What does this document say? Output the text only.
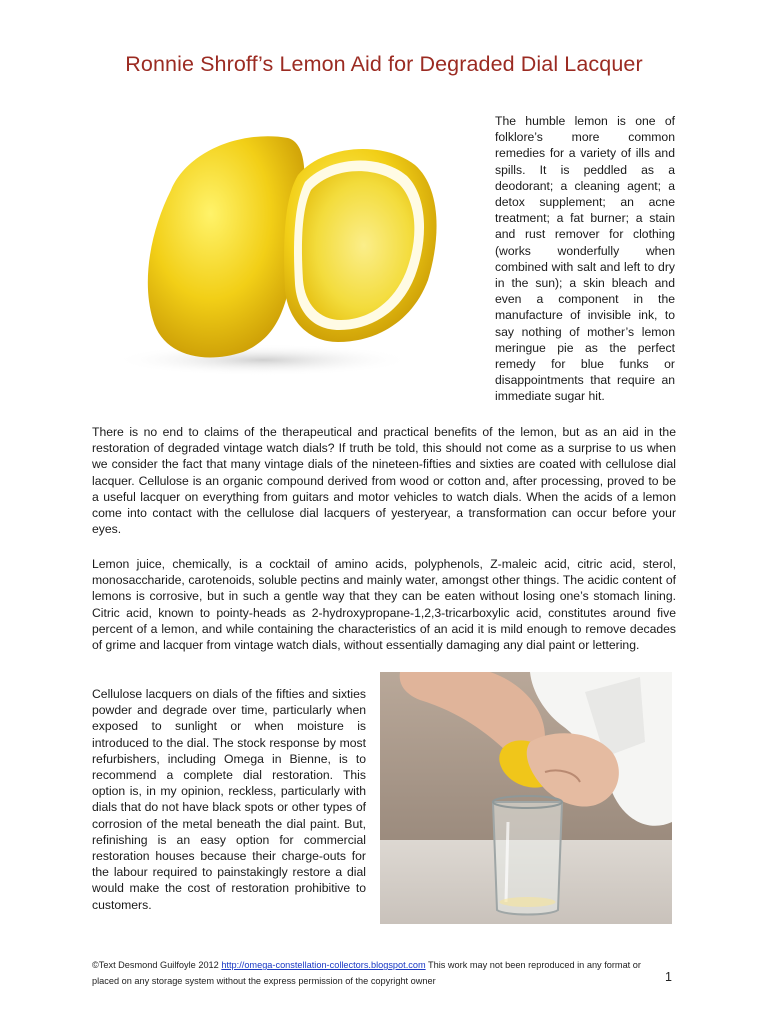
Ronnie Shroff’s Lemon Aid for Degraded Dial Lacquer

The humble lemon is one of folklore’s more common remedies for a variety of ills and spills. It is peddled as a deodorant; a cleaning agent; a detox supplement; an acne treatment; a fat burner; a stain and rust remover for clothing (works wonderfully when combined with salt and left to dry in the sun); a skin bleach and even a component in the manufacture of invisible ink, to say nothing of mother’s lemon meringue pie as the perfect remedy for blue funks or disappointments that require an immediate sugar hit.

There is no end to claims of the therapeutical and practical benefits of the lemon, but as an aid in the restoration of degraded vintage watch dials? If truth be told, this should not come as a surprise to us when we consider the fact that many vintage dials of the nineteen-fifties and sixties are coated with cellulose dial lacquer. Cellulose is an organic compound derived from wood or cotton and, after processing, proved to be a useful lacquer on everything from guitars and motor vehicles to watch dials. When the acids of a lemon come into contact with the cellulose dial lacquers of yesteryear, a transformation can occur before your eyes.

Lemon juice, chemically, is a cocktail of amino acids, polyphenols, Z-maleic acid, citric acid, sterol, monosaccharide, carotenoids, soluble pectins and mainly water, amongst other things. The acidic content of lemons is corrosive, but in such a gentle way that they can be eaten without losing one’s stomach lining. Citric acid, known to pointy-heads as 2-hydroxypropane-1,2,3-tricarboxylic acid, constitutes around five percent of a lemon, and while containing the characteristics of an acid it is mild enough to remove decades of grime and lacquer from vintage watch dials, without essentially damaging any dial paint or lettering.

Cellulose lacquers on dials of the fifties and sixties powder and degrade over time, particularly when exposed to sunlight or when moisture is introduced to the dial. The stock response by most refurbishers, including Omega in Bienne, is to recommend a complete dial restoration. This option is, in my opinion, reckless, particularly with dials that do not have black spots or other types of corrosion of the metal beneath the dial paint. But, refinishing is an easy option for commercial restoration houses because their charge-outs for the labour required to painstakingly restore a dial would make the cost of restoration prohibitive to customers.

©Text Desmond Guilfoyle 2012 http://omega-constellation-collectors.blogspot.com This work may not been reproduced in any format or
placed on any storage system without the express permission of the copyright owner	1
